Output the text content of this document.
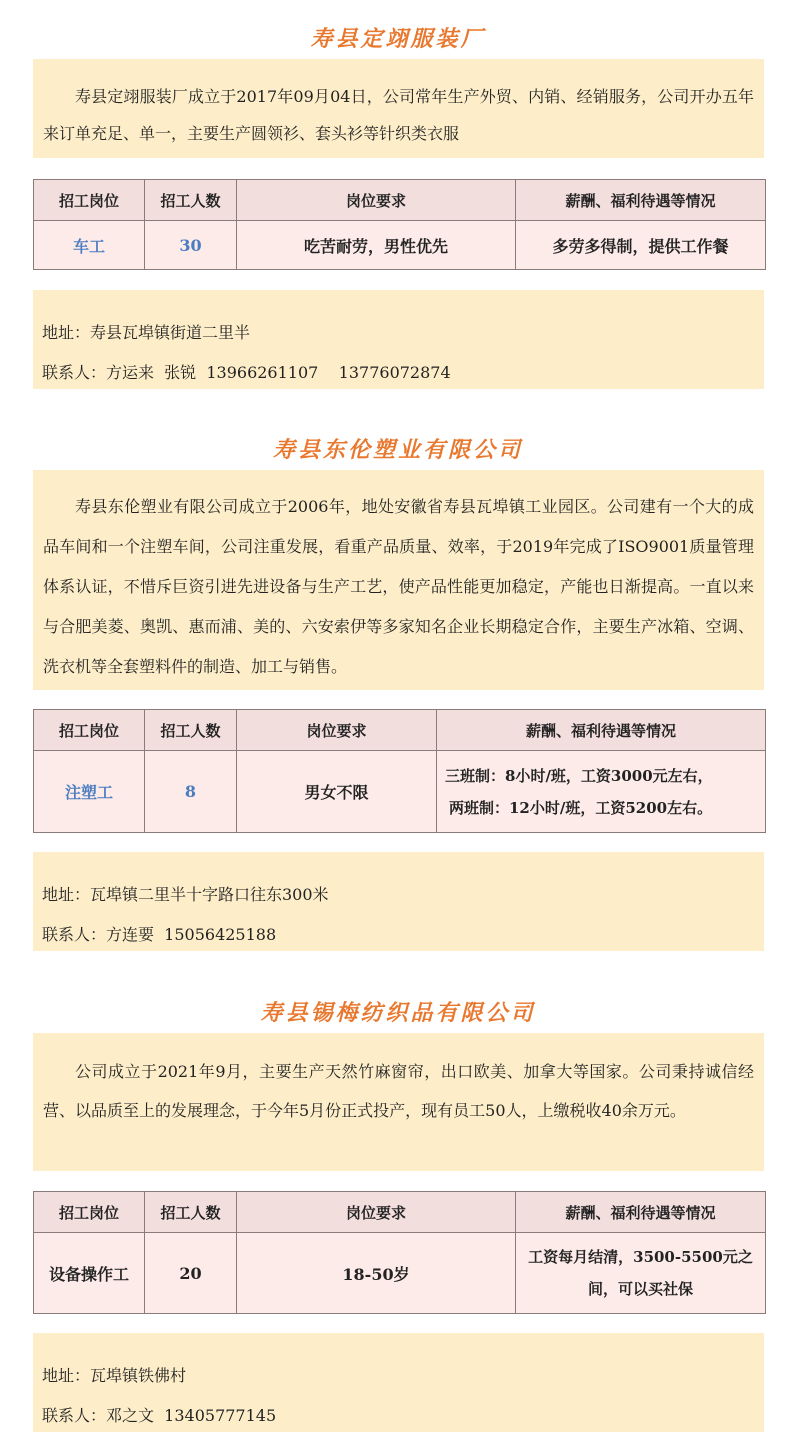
寿县定翊服装厂

寿县定翊服装厂成立于2017年09月04日，公司常年生产外贸、内销、经销服务，公司开办五年来订单充足、单一，主要生产圆领衫、套头衫等针织类衣服

招工岗位	招工人数	岗位要求	薪酬、福利待遇等情况
车工	30	吃苦耐劳，男性优先	多劳多得制，提供工作餐
地址：寿县瓦埠镇街道二里半
联系人：方运来  张锐  13966261107    13776072874
寿县东伦塑业有限公司

寿县东伦塑业有限公司成立于2006年，地处安徽省寿县瓦埠镇工业园区。公司建有一个大的成品车间和一个注塑车间，公司注重发展，看重产品质量、效率，于2019年完成了ISO9001质量管理体系认证，不惜斥巨资引进先进设备与生产工艺，使产品性能更加稳定，产能也日渐提高。一直以来与合肥美菱、奥凯、惠而浦、美的、六安索伊等多家知名企业长期稳定合作，主要生产冰箱、空调、洗衣机等全套塑料件的制造、加工与销售。

招工岗位	招工人数	岗位要求	薪酬、福利待遇等情况
注塑工	8	男女不限	三班制：8小时/班，工资3000元左右，
两班制：12小时/班，工资5200左右。
地址：瓦埠镇二里半十字路口往东300米
联系人：方连要  15056425188
寿县锡梅纺织品有限公司

公司成立于2021年9月，主要生产天然竹麻窗帘，出口欧美、加拿大等国家。公司秉持诚信经营、以品质至上的发展理念，于今年5月份正式投产，现有员工50人，上缴税收40余万元。

招工岗位	招工人数	岗位要求	薪酬、福利待遇等情况
设备操作工	20	18-50岁	工资每月结清，3500-5500元之
间，可以买社保
地址：瓦埠镇铁佛村
联系人：邓之文  13405777145
